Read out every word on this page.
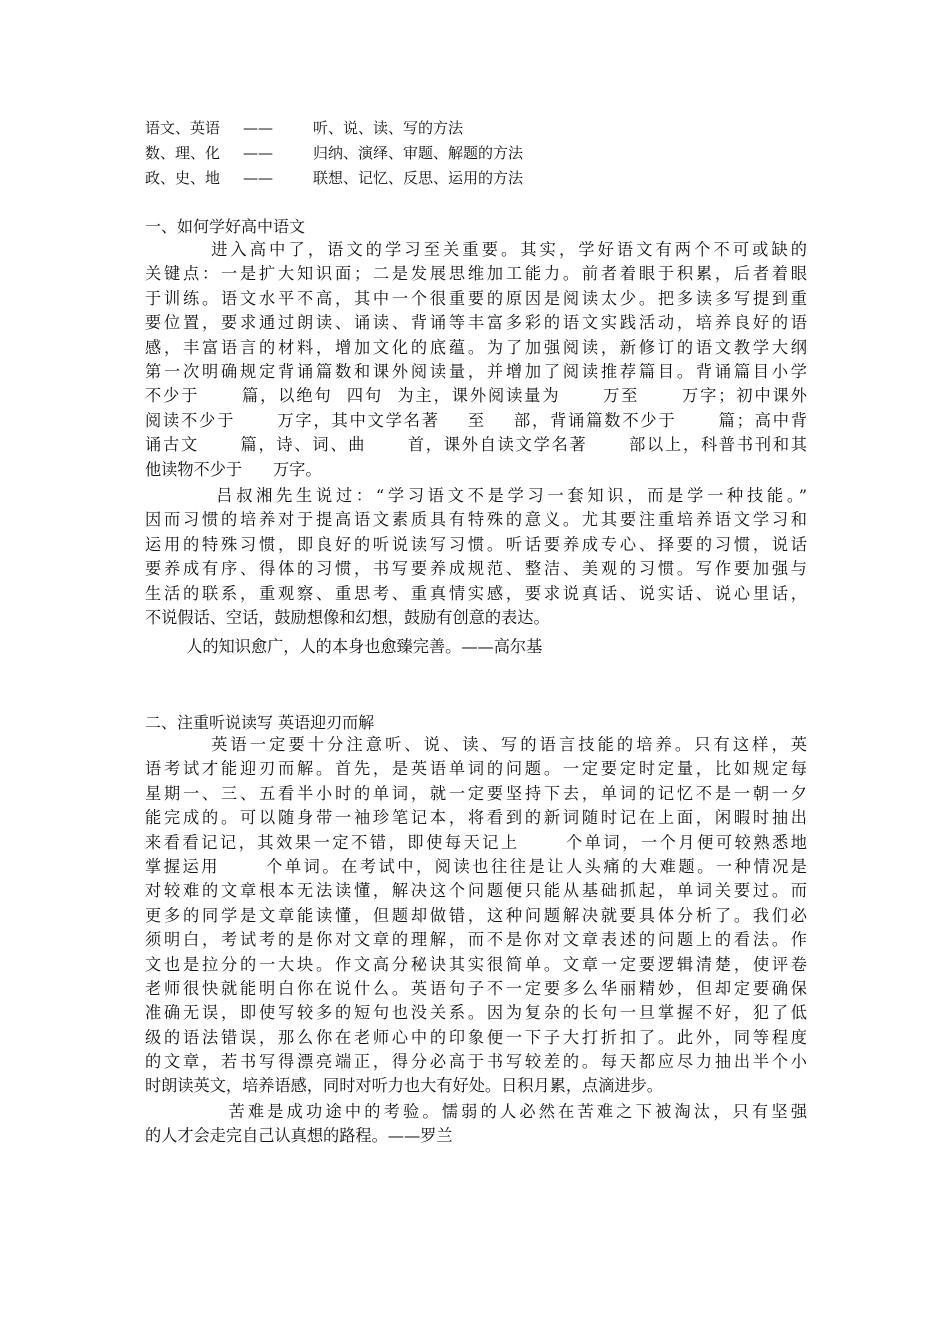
语文、英语 ——	听、说、读、写的方法
数、理、化 ——	归纳、演绎、审题、解题的方法
政、史、地 ——	联想、记忆、反思、运用的方法
一、如何学好高中语文
进入高中了，语文的学习至关重要。其实，学好语文有两个不可或缺的
关键点：一是扩大知识面；二是发展思维加工能力。前者着眼于积累，后者着眼
于训练。语文水平不高，其中一个很重要的原因是阅读太少。把多读多写提到重
要位置，要求通过朗读、诵读、背诵等丰富多彩的语文实践活动，培养良好的语
感，丰富语言的材料，增加文化的底蕴。为了加强阅读，新修订的语文教学大纲
第一次明确规定背诵篇数和课外阅读量，并增加了阅读推荐篇目。背诵篇目小学
不少于      篇，以绝句  四句  为主，课外阅读量为      万至      万字；初中课外
阅读不少于      万字，其中文学名著    至    部，背诵篇数不少于      篇；高中背
诵古文      篇，诗、词、曲      首，课外自读文学名著      部以上，科普书刊和其
他读物不少于      万字。
吕叔湘先生说过：“学习语文不是学习一套知识，而是学一种技能。”
因而习惯的培养对于提高语文素质具有特殊的意义。尤其要注重培养语文学习和
运用的特殊习惯，即良好的听说读写习惯。听话要养成专心、择要的习惯，说话
要养成有序、得体的习惯，书写要养成规范、整洁、美观的习惯。写作要加强与
生活的联系，重观察、重思考、重真情实感，要求说真话、说实话、说心里话，
不说假话、空话，鼓励想像和幻想，鼓励有创意的表达。
人的知识愈广，人的本身也愈臻完善。——高尔基
二、注重听说读写 英语迎刃而解
英语一定要十分注意听、说、读、写的语言技能的培养。只有这样，英
语考试才能迎刃而解。首先，是英语单词的问题。一定要定时定量，比如规定每
星期一、三、五看半小时的单词，就一定要坚持下去，单词的记忆不是一朝一夕
能完成的。可以随身带一袖珍笔记本，将看到的新词随时记在上面，闲暇时抽出
来看看记记，其效果一定不错，即使每天记上      个单词，一个月便可较熟悉地
掌握运用      个单词。在考试中，阅读也往往是让人头痛的大难题。一种情况是
对较难的文章根本无法读懂，解决这个问题便只能从基础抓起，单词关要过。而
更多的同学是文章能读懂，但题却做错，这种问题解决就要具体分析了。我们必
须明白，考试考的是你对文章的理解，而不是你对文章表述的问题上的看法。作
文也是拉分的一大块。作文高分秘诀其实很简单。文章一定要逻辑清楚，使评卷
老师很快就能明白你在说什么。英语句子不一定要多么华丽精妙，但却定要确保
准确无误，即使写较多的短句也没关系。因为复杂的长句一旦掌握不好，犯了低
级的语法错误，那么你在老师心中的印象便一下子大打折扣了。此外，同等程度
的文章，若书写得漂亮端正，得分必高于书写较差的。每天都应尽力抽出半个小
时朗读英文，培养语感，同时对听力也大有好处。日积月累，点滴进步。
苦难是成功途中的考验。懦弱的人必然在苦难之下被淘汰，只有坚强
的人才会走完自己认真想的路程。——罗兰
